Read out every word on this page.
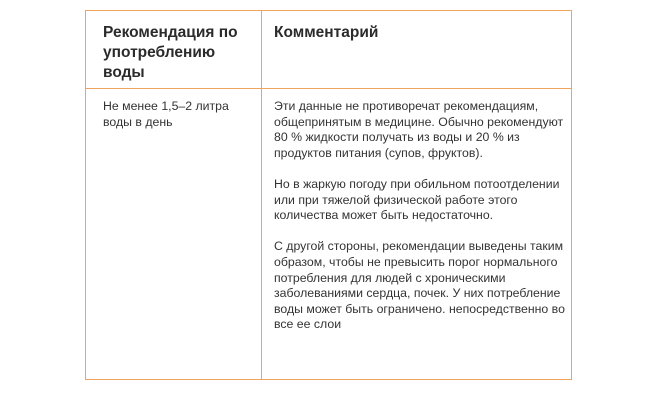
Рекомендация по употреблению воды
Комментарий
Не менее 1,5–2 литра воды в день

Эти данные не противоречат рекомендациям, общепринятым в медицине. Обычно рекомендуют 80 % жидкости получать из воды и 20 % из продуктов питания (супов, фруктов).

Но в жаркую погоду при обильном потоотделении или при тяжелой физической работе этого количества может быть недостаточно.

С другой стороны, рекомендации выведены таким образом, чтобы не превысить порог нормального потребления для людей с хроническими заболеваниями сердца, почек. У них потребление воды может быть ограничено. непосредственно во все ее слои
